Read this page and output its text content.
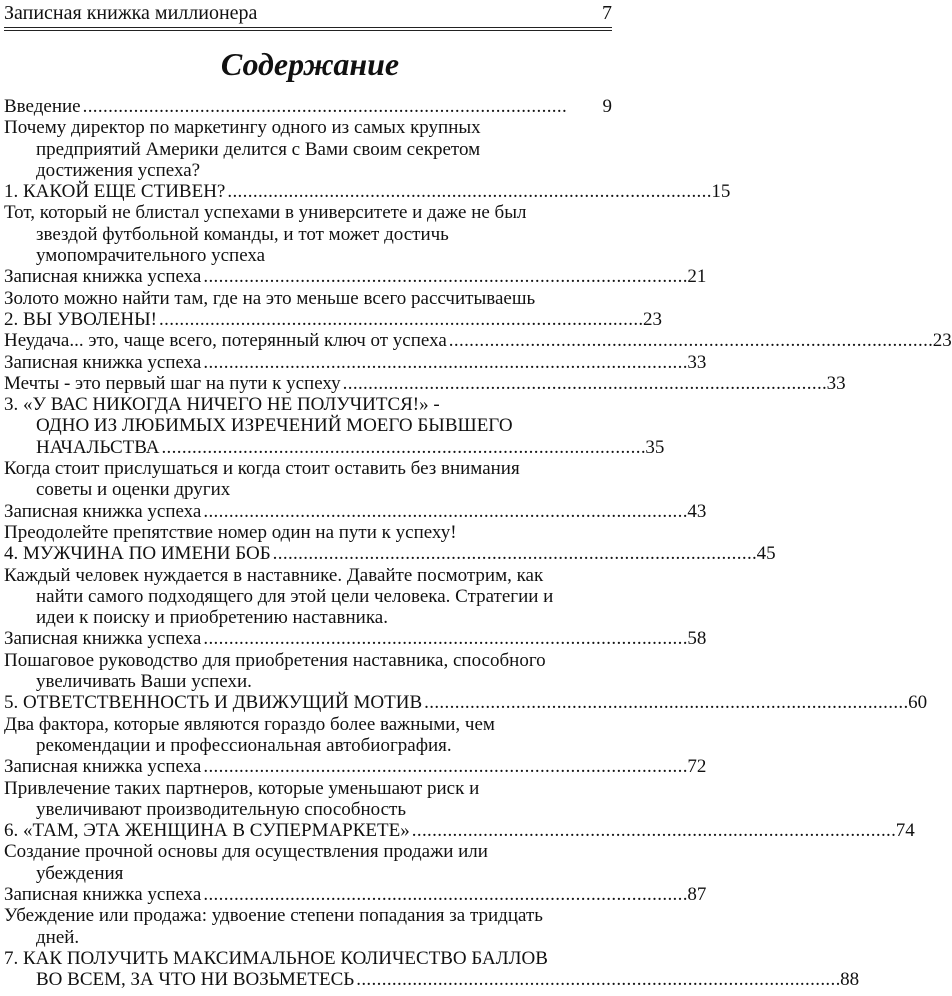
Записная книжка миллионера	7
Содержание
Введение . . .	9
Почему директор по маркетингу одного из самых крупных
предприятий Америки делится с Вами своим секретом
достижения успеха?
1. КАКОЙ ЕЩЕ СТИВЕН? . . .	15
Тот, который не блистал успехами в университете и даже не был
звездой футбольной команды, и тот может достичь
умопомрачительного успеха
Записная книжка успеха . . .	21
Золото можно найти там, где на это меньше всего рассчитываешь
2. ВЫ УВОЛЕНЫ! . . .	23
Неудача... это, чаще всего, потерянный ключ от успеха . . .	23
Записная книжка успеха . . .	33
Мечты - это первый шаг на пути к успеху . . .	33
3. «У ВАС НИКОГДА НИЧЕГО НЕ ПОЛУЧИТСЯ!» -
ОДНО ИЗ ЛЮБИМЫХ ИЗРЕЧЕНИЙ МОЕГО БЫВШЕГО
НАЧАЛЬСТВА . . .	35
Когда стоит прислушаться и когда стоит оставить без внимания
советы и оценки других
Записная книжка успеха . . .	43
Преодолейте препятствие номер один на пути к успеху!
4. МУЖЧИНА ПО ИМЕНИ БОБ . . .	45
Каждый человек нуждается в наставнике. Давайте посмотрим, как
найти самого подходящего для этой цели человека. Стратегии и
идеи к поиску и приобретению наставника.
Записная книжка успеха . . .	58
Пошаговое руководство для приобретения наставника, способного
увеличивать Ваши успехи.
5. ОТВЕТСТВЕННОСТЬ И ДВИЖУЩИЙ МОТИВ . . .	60
Два фактора, которые являются гораздо более важными, чем
рекомендации и профессиональная автобиография.
Записная книжка успеха . . .	72
Привлечение таких партнеров, которые уменьшают риск и
увеличивают производительную способность
6. «ТАМ, ЭТА ЖЕНЩИНА В СУПЕРМАРКЕТЕ» . . .	74
Создание прочной основы для осуществления продажи или
убеждения
Записная книжка успеха . . .	87
Убеждение или продажа: удвоение степени попадания за тридцать
дней.
7. КАК ПОЛУЧИТЬ МАКСИМАЛЬНОЕ КОЛИЧЕСТВО БАЛЛОВ
ВО ВСЕМ, ЗА ЧТО НИ ВОЗЬМЕТЕСЬ . . .	88
